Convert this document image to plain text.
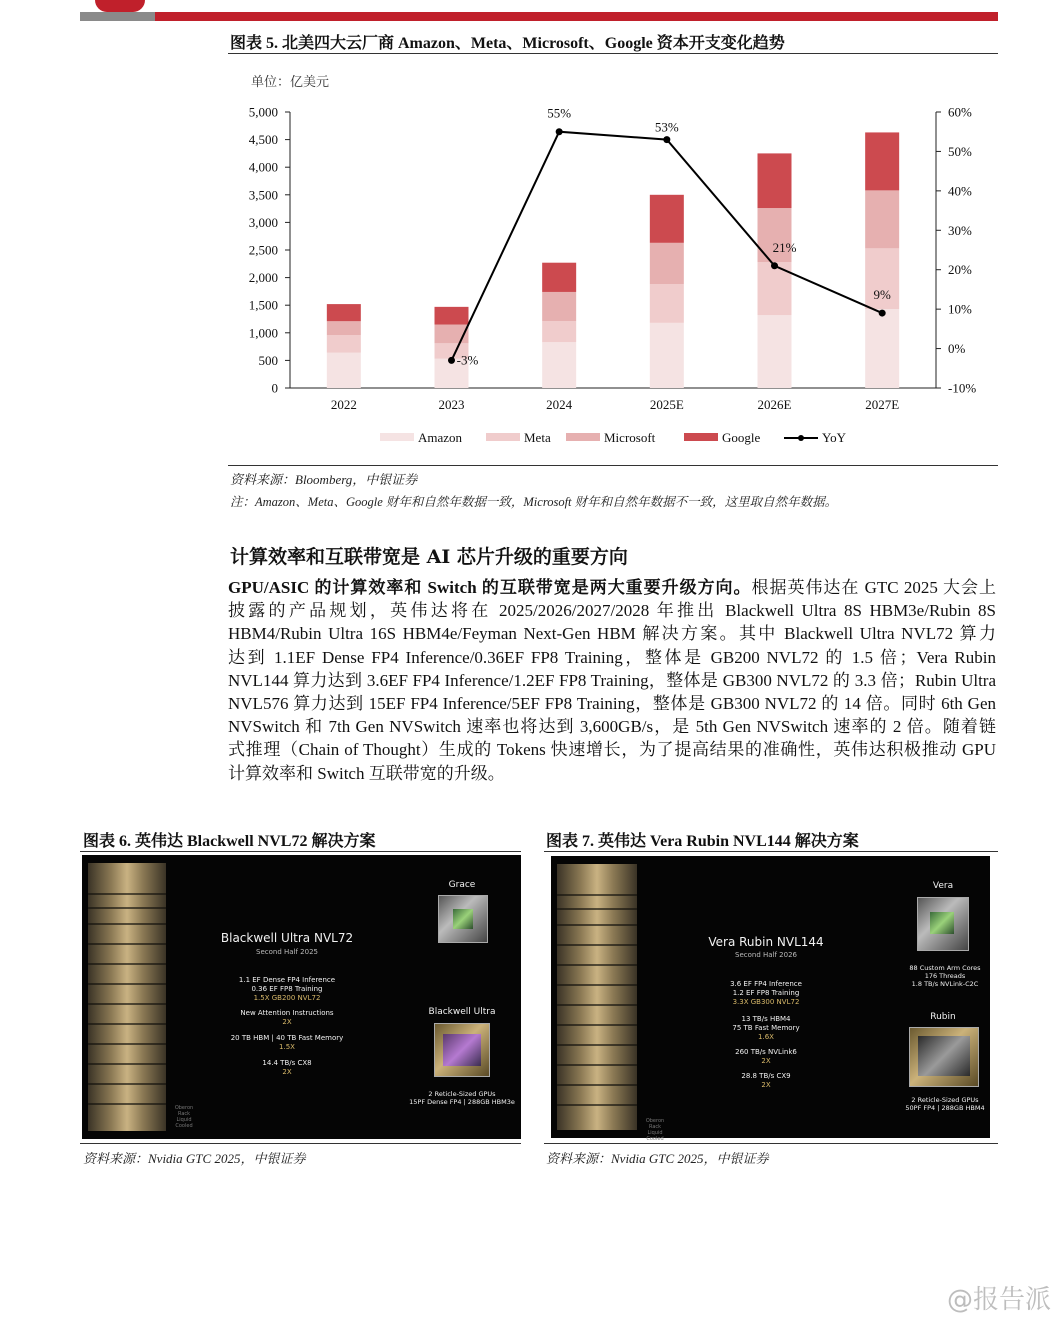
图表 5. 北美四大云厂商 Amazon、Meta、Microsoft、Google 资本开支变化趋势
单位：亿美元
0
500
1,000
1,500
2,000
2,500
3,000
3,500
4,000
4,500
5,000
-10%
0%
10%
20%
30%
40%
50%
60%
2022	2023	2024	2025E	2026E	2027E
-3%
55%
53%
21%
9%
Amazon	Meta	Microsoft	Google	YoY
资料来源：Bloomberg，中银证券
注：Amazon、Meta、Google 财年和自然年数据一致，Microsoft 财年和自然年数据不一致，这里取自然年数据。
计算效率和互联带宽是 AI 芯片升级的重要方向
GPU/ASIC 的计算效率和 Switch 的互联带宽是两大重要升级方向。根据英伟达在 GTC 2025 大会上
披露的产品规划，英伟达将在 2025/2026/2027/2028 年推出 Blackwell Ultra 8S HBM3e/Rubin 8S
HBM4/Rubin Ultra 16S HBM4e/Feyman Next-Gen HBM 解决方案。其中 Blackwell Ultra NVL72 算力
达到 1.1EF Dense FP4 Inference/0.36EF FP8 Training，整体是 GB200 NVL72 的 1.5 倍；Vera Rubin
NVL144 算力达到 3.6EF FP4 Inference/1.2EF FP8 Training，整体是 GB300 NVL72 的 3.3 倍；Rubin Ultra
NVL576 算力达到 15EF FP4 Inference/5EF FP8 Training，整体是 GB300 NVL72 的 14 倍。同时 6th Gen
NVSwitch 和 7th Gen NVSwitch 速率也将达到 3,600GB/s，是 5th Gen NVSwitch 速率的 2 倍。随着链
式推理（Chain of Thought）生成的 Tokens 快速增长，为了提高结果的准确性，英伟达积极推动 GPU
计算效率和 Switch 互联带宽的升级。
图表 6. 英伟达 Blackwell NVL72 解决方案
Oberon Rack Liquid Cooled
Blackwell Ultra NVL72
Second Half 2025
1.1 EF Dense FP4 Inference
0.36 EF FP8 Training
1.5X GB200 NVL72
New Attention Instructions
2X
20 TB HBM | 40 TB Fast Memory
1.5X
14.4 TB/s CX8
2X
Grace
Blackwell Ultra
2 Reticle-Sized GPUs
15PF Dense FP4 | 288GB HBM3e
资料来源：Nvidia GTC 2025，中银证券
图表 7. 英伟达 Vera Rubin NVL144 解决方案
Oberon Rack Liquid Cooled
Vera Rubin NVL144
Second Half 2026
3.6 EF FP4 Inference
1.2 EF FP8 Training
3.3X GB300 NVL72
13 TB/s HBM4
75 TB Fast Memory
1.6X
260 TB/s NVLink6
2X
28.8 TB/s CX9
2X
Vera
88 Custom Arm Cores
176 Threads
1.8 TB/s NVLink-C2C
Rubin
2 Reticle-Sized GPUs
50PF FP4 | 288GB HBM4
资料来源：Nvidia GTC 2025，中银证券
@报告派
